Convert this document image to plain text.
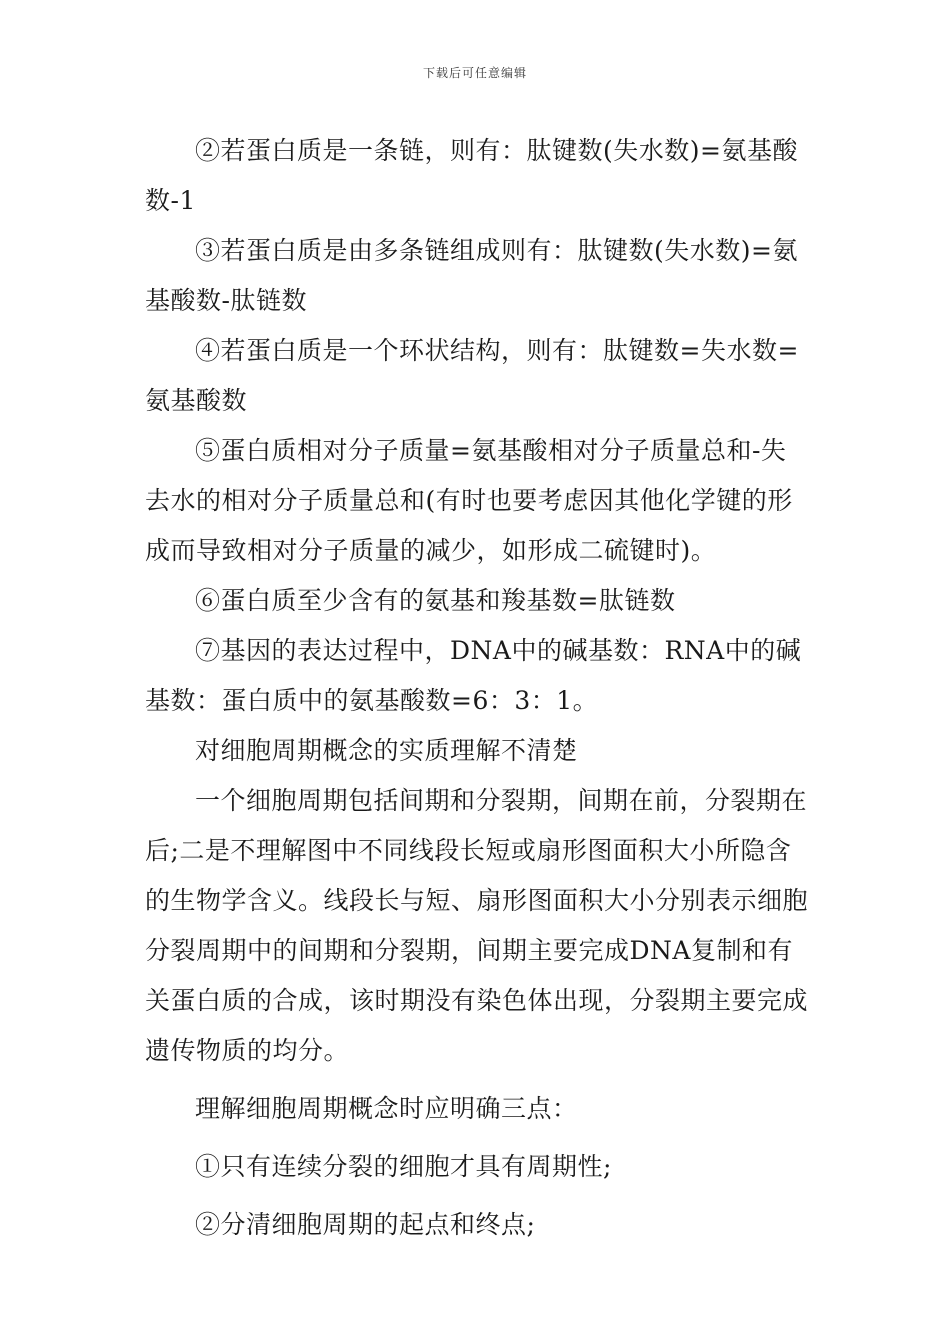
下载后可任意编辑

②若蛋白质是一条链，则有：肽键数(失水数)=氨基酸数-1

③若蛋白质是由多条链组成则有：肽键数(失水数)=氨基酸数-肽链数

④若蛋白质是一个环状结构，则有：肽键数=失水数=氨基酸数

⑤蛋白质相对分子质量=氨基酸相对分子质量总和-失去水的相对分子质量总和(有时也要考虑因其他化学键的形成而导致相对分子质量的减少，如形成二硫键时)。

⑥蛋白质至少含有的氨基和羧基数=肽链数

⑦基因的表达过程中，DNA中的碱基数：RNA中的碱基数：蛋白质中的氨基酸数=6：3：1。

对细胞周期概念的实质理解不清楚

一个细胞周期包括间期和分裂期，间期在前，分裂期在后;二是不理解图中不同线段长短或扇形图面积大小所隐含的生物学含义。线段长与短、扇形图面积大小分别表示细胞分裂周期中的间期和分裂期，间期主要完成DNA复制和有关蛋白质的合成，该时期没有染色体出现，分裂期主要完成遗传物质的均分。

理解细胞周期概念时应明确三点：

①只有连续分裂的细胞才具有周期性;

②分清细胞周期的起点和终点;
